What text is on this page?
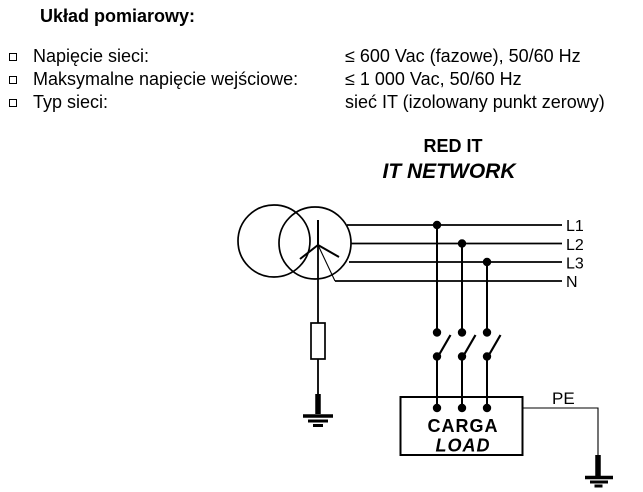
Układ pomiarowy:
Napięcie sieci:	≤ 600 Vac (fazowe), 50/60 Hz
Maksymalne napięcie wejściowe:	≤ 1 000 Vac, 50/60 Hz
Typ sieci:	sieć IT (izolowany punkt zerowy)
RED IT
IT NETWORK
L1
L2
L3
N
CARGA
LOAD
PE
